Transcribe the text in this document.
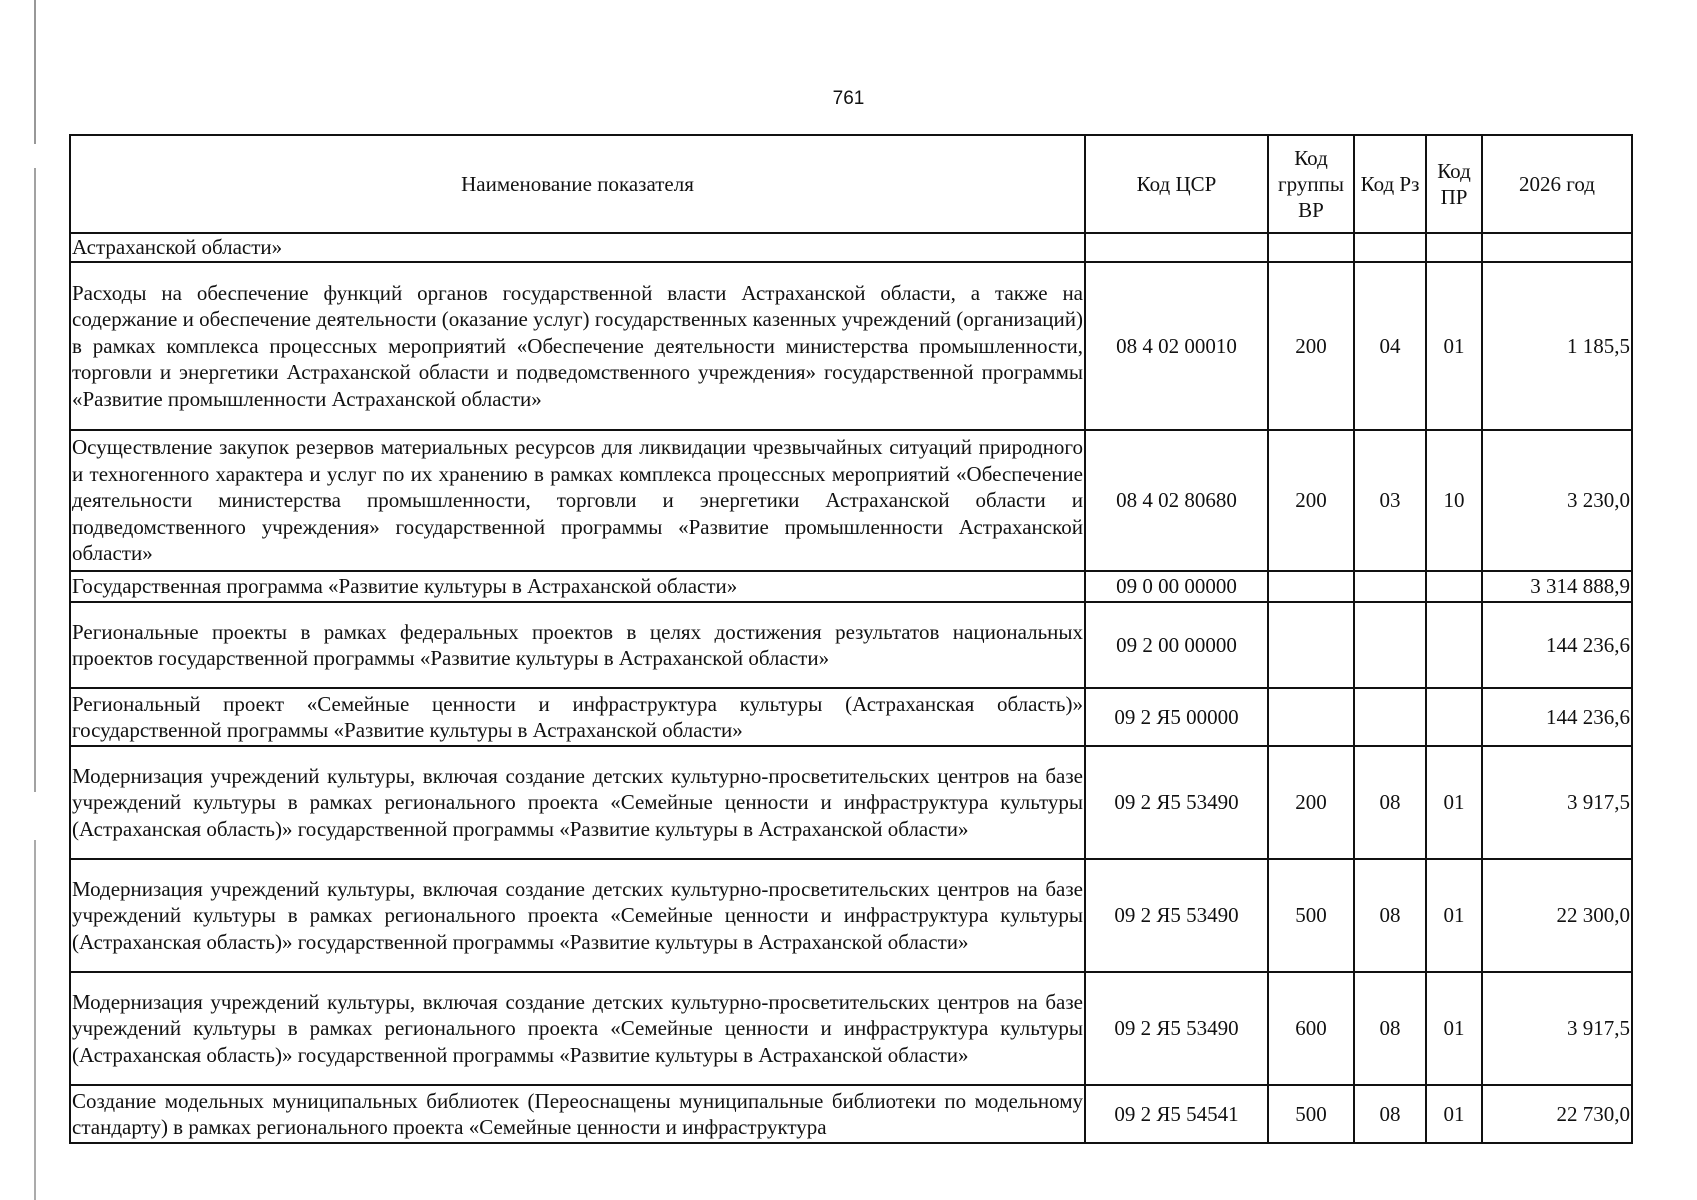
761
Наименование показателя	Код ЦСР	Код группы ВР	Код Рз	Код ПР	2026 год
Астраханской области»					
Расходы на обеспечение функций органов государственной власти Астраханской области, а также на содержание и обеспечение деятельности (оказание услуг) государственных казенных учреждений (организаций) в рамках комплекса процессных мероприятий «Обеспечение деятельности министерства промышленности, торговли и энергетики Астраханской области и подведомственного учреждения» государственной программы «Развитие промышленности Астраханской области»	08 4 02 00010	200	04	01	1 185,5
Осуществление закупок резервов материальных ресурсов для ликвидации чрезвычайных ситуаций природного и техногенного характера и услуг по их хранению в рамках комплекса процессных мероприятий «Обеспечение деятельности министерства промышленности, торговли и энергетики Астраханской области и подведомственного учреждения» государственной программы «Развитие промышленности Астраханской области»	08 4 02 80680	200	03	10	3 230,0
Государственная программа «Развитие культуры в Астраханской области»	09 0 00 00000				3 314 888,9
Региональные проекты в рамках федеральных проектов в целях достижения результатов национальных проектов государственной программы «Развитие культуры в Астраханской области»	09 2 00 00000				144 236,6
Региональный проект «Семейные ценности и инфраструктура культуры (Астраханская область)» государственной программы «Развитие культуры в Астраханской области»	09 2 Я5 00000				144 236,6
Модернизация учреждений культуры, включая создание детских культурно-просветительских центров на базе учреждений культуры в рамках регионального проекта «Семейные ценности и инфраструктура культуры (Астраханская область)» государственной программы «Развитие культуры в Астраханской области»	09 2 Я5 53490	200	08	01	3 917,5
Модернизация учреждений культуры, включая создание детских культурно-просветительских центров на базе учреждений культуры в рамках регионального проекта «Семейные ценности и инфраструктура культуры (Астраханская область)» государственной программы «Развитие культуры в Астраханской области»	09 2 Я5 53490	500	08	01	22 300,0
Модернизация учреждений культуры, включая создание детских культурно-просветительских центров на базе учреждений культуры в рамках регионального проекта «Семейные ценности и инфраструктура культуры (Астраханская область)» государственной программы «Развитие культуры в Астраханской области»	09 2 Я5 53490	600	08	01	3 917,5
Создание модельных муниципальных библиотек (Переоснащены муниципальные библиотеки по модельному стандарту) в рамках регионального проекта «Семейные ценности и инфраструктура	09 2 Я5 54541	500	08	01	22 730,0
